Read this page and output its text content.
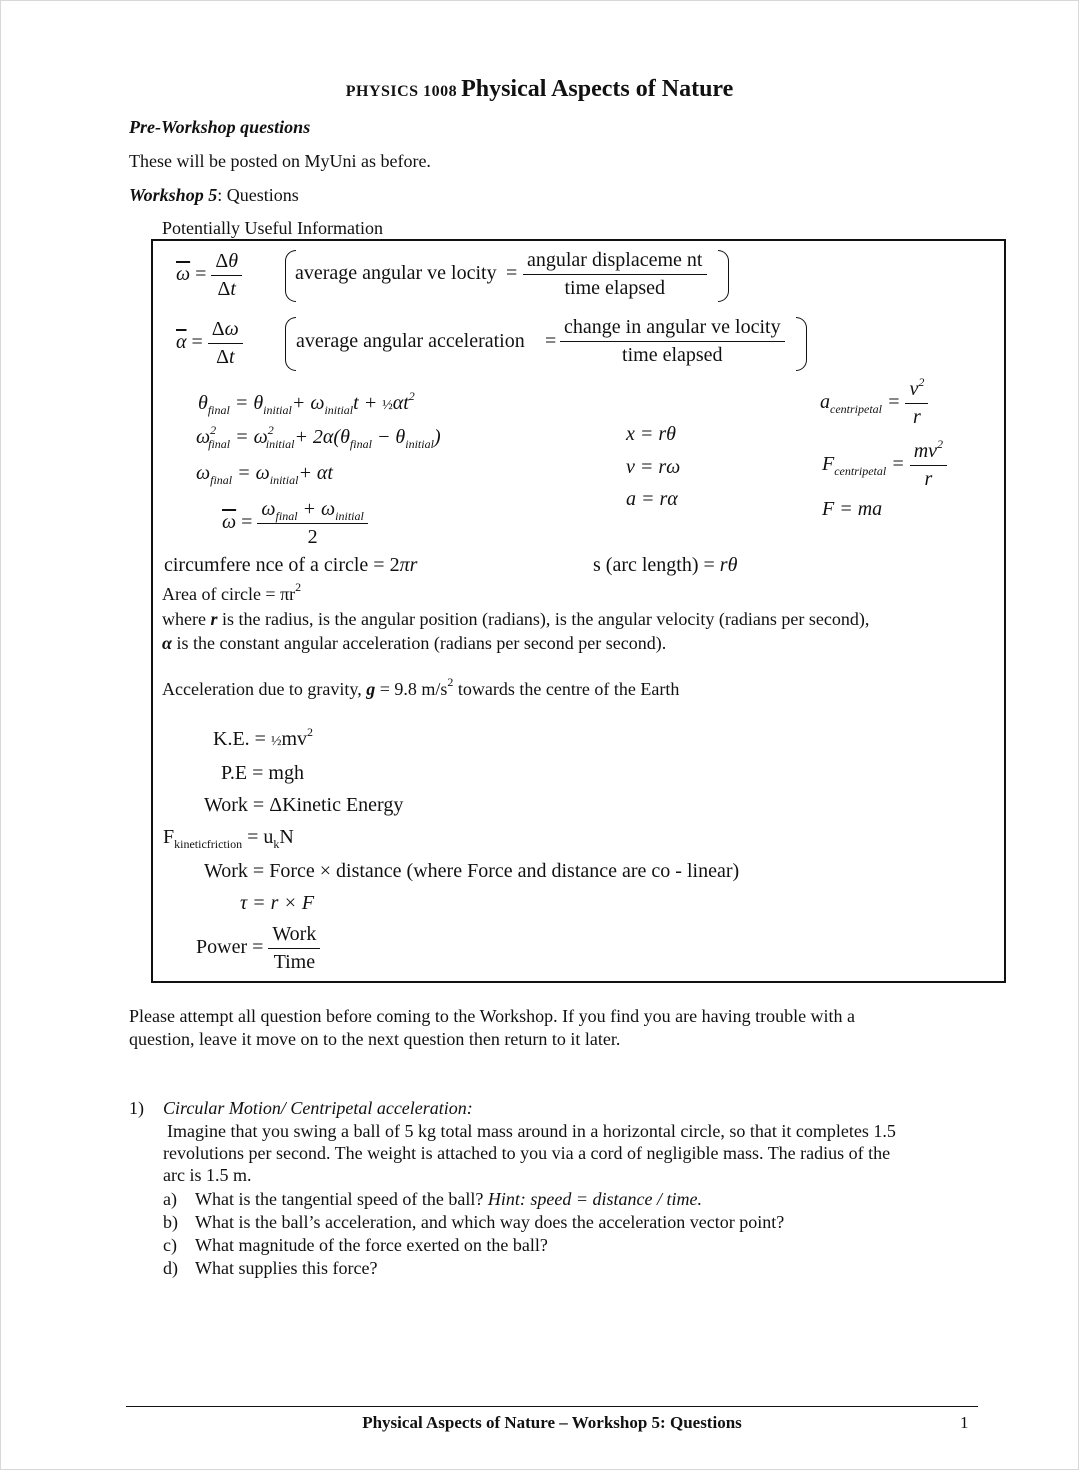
PHYSICS 1008 Physical Aspects of Nature
Pre-Workshop questions
These will be posted on MyUni as before.
Workshop 5: Questions
Potentially Useful Information
$\overline{\omega} = \frac{\Delta\theta}{\Delta t}$	average angular ve locity = $\frac{\text{angular displaceme nt}}{\text{time elapsed}}$
$\overline{\alpha} = \frac{\Delta\omega}{\Delta t}$	average angular acceleration = $\frac{\text{change in angular ve locity}}{\text{time elapsed}}$
$\theta_{final} = \theta_{initial}+ \omega_{initial}t$ + $\frac{1}{2}\alpha t^2$
$\omega^2_{final} = \omega^2_{initial}+ 2\alpha(\theta_{final} - \theta_{initial})$
$\omega_{final} = \omega_{initial}+ \alpha t$
$\overline{\omega} = \frac{\omega_{final} + \omega_{initial}}{2}$
x = rθ
v = rω
a = rα
$a_{centripetal} = \frac{v^2}{r}$
$F_{centripetal} = \frac{mv^2}{r}$
F = ma
circumfere nce of a circle = 2πr	s (arc length) = rθ
Area of circle = $\pi r^2$
where r is the radius, is the angular position (radians), is the angular velocity (radians per second),
α is the constant angular acceleration (radians per second per second).
Acceleration due to gravity, g = 9.8 $m/s^2$ towards the centre of the Earth
K.E. = $\frac{1}{2}mv^2$
P.E = mgh
Work = ΔKinetic Energy
$F_{kineticfriction} = u_kN$
Work = Force × distance (where Force and distance are co - linear)
τ = r × F
Power = $\frac{\text{Work}}{\text{Time}}$
Please attempt all question before coming to the Workshop. If you find you are having trouble with a
question, leave it move on to the next question then return to it later.
1) Circular Motion/ Centripetal acceleration:
Imagine that you swing a ball of 5 kg total mass around in a horizontal circle, so that it completes 1.5
revolutions per second. The weight is attached to you via a cord of negligible mass. The radius of the
arc is 1.5 m.
a) What is the tangential speed of the ball? Hint: speed = distance / time.
b) What is the ball’s acceleration, and which way does the acceleration vector point?
c) What magnitude of the force exerted on the ball?
d) What supplies this force?
Physical Aspects of Nature – Workshop 5: Questions	1
